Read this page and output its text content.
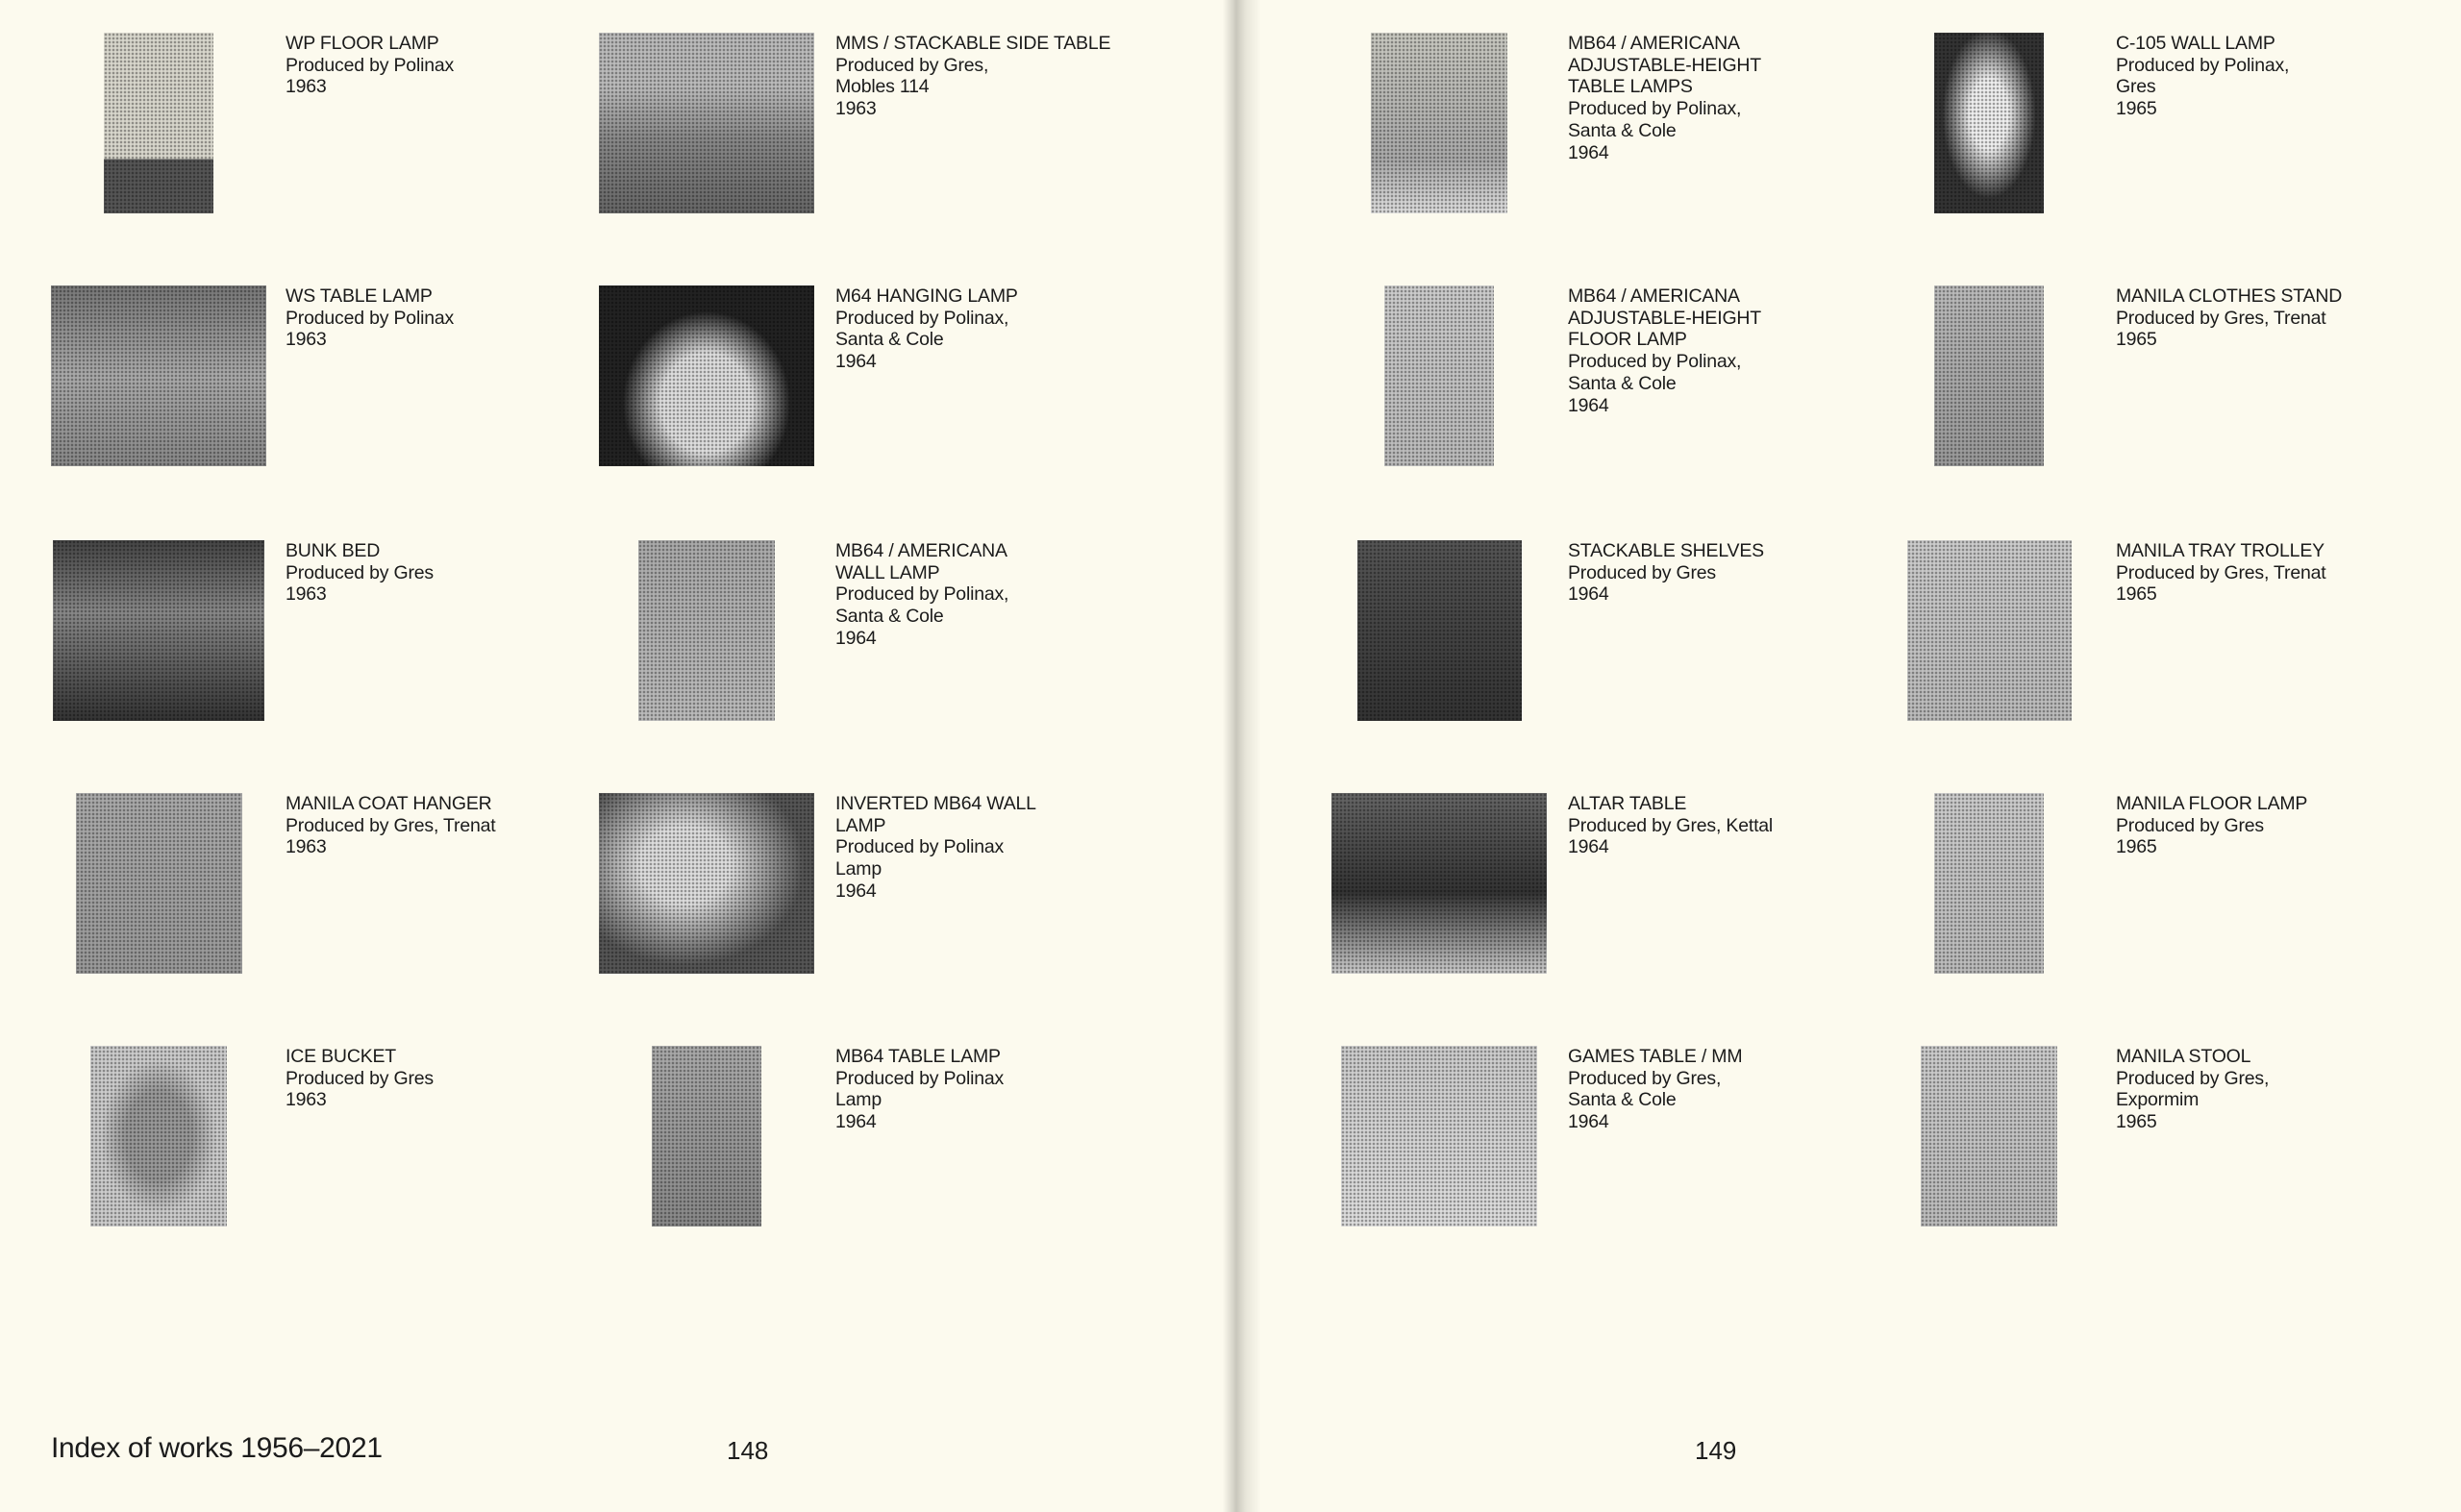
WP FLOOR LAMP
Produced by Polinax
1963
MMS / STACKABLE SIDE TABLE
Produced by Gres,
Mobles 114
1963
MB64 / AMERICANA
ADJUSTABLE-HEIGHT
TABLE LAMPS
Produced by Polinax,
Santa & Cole
1964
C-105 WALL LAMP
Produced by Polinax,
Gres
1965
WS TABLE LAMP
Produced by Polinax
1963
M64 HANGING LAMP
Produced by Polinax,
Santa & Cole
1964
MB64 / AMERICANA
ADJUSTABLE-HEIGHT
FLOOR LAMP
Produced by Polinax,
Santa & Cole
1964
MANILA CLOTHES STAND
Produced by Gres, Trenat
1965
BUNK BED
Produced by Gres
1963
MB64 / AMERICANA
WALL LAMP
Produced by Polinax,
Santa & Cole
1964
STACKABLE SHELVES
Produced by Gres
1964
MANILA TRAY TROLLEY
Produced by Gres, Trenat
1965
MANILA COAT HANGER
Produced by Gres, Trenat
1963
INVERTED MB64 WALL
LAMP
Produced by Polinax
Lamp
1964
ALTAR TABLE
Produced by Gres, Kettal
1964
MANILA FLOOR LAMP
Produced by Gres
1965
ICE BUCKET
Produced by Gres
1963
MB64 TABLE LAMP
Produced by Polinax
Lamp
1964
GAMES TABLE / MM
Produced by Gres,
Santa & Cole
1964
MANILA STOOL
Produced by Gres,
Expormim
1965
Index of works 1956–2021	148	149
